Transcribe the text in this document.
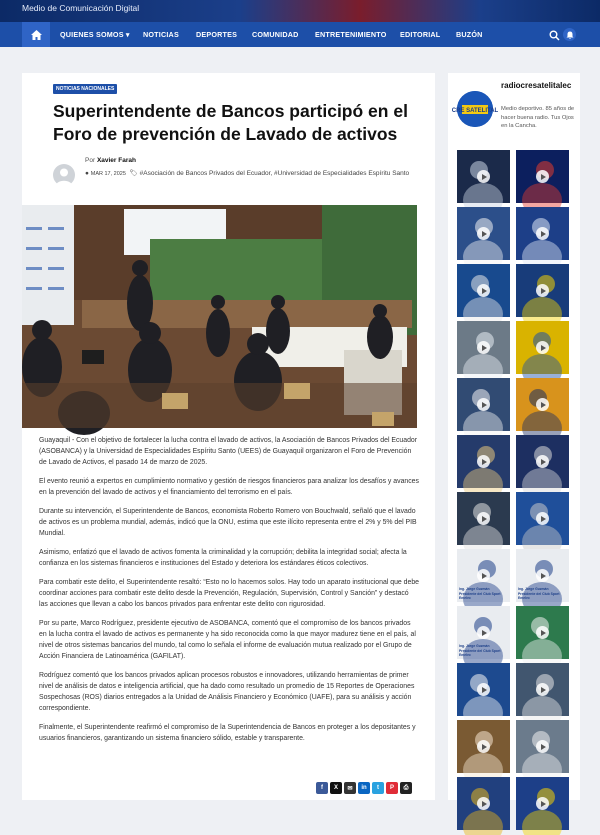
Medio de Comunicación Digital
QUIENES SOMOS ▾ NOTICIAS DEPORTES COMUNIDAD ENTRETENIMIENTO EDITORIAL BUZÓN
NOTICIAS NACIONALES
Superintendente de Bancos participó en el Foro de prevención de Lavado de activos
Por Xavier Farah
● MAR 17, 2025 🏷 #Asociación de Bancos Privados del Ecuador, #Universidad de Especialidades Espíritu Santo

Guayaquil - Con el objetivo de fortalecer la lucha contra el lavado de activos, la Asociación de Bancos Privados del Ecuador (ASOBANCA) y la Universidad de Especialidades Espíritu Santo (UEES) de Guayaquil organizaron el Foro de Prevención de Lavado de Activos, el pasado 14 de marzo de 2025.

El evento reunió a expertos en cumplimiento normativo y gestión de riesgos financieros para analizar los desafíos y avances en la prevención del lavado de activos y el financiamiento del terrorismo en el país.

Durante su intervención, el Superintendente de Bancos, economista Roberto Romero von Bouchwald, señaló que el lavado de activos es un problema mundial, además, indicó que la ONU, estima que este ilícito representa entre el 2% y 5% del PIB Mundial.

Asimismo, enfatizó que el lavado de activos fomenta la criminalidad y la corrupción; debilita la integridad social; afecta la confianza en los sistemas financieros e instituciones del Estado y deteriora los estándares éticos colectivos.

Para combatir este delito, el Superintendente resaltó: “Esto no lo hacemos solos. Hay todo un aparato institucional que debe coordinar acciones para combatir este delito desde la Prevención, Regulación, Supervisión, Control y Sanción” y destacó las acciones que llevan a cabo los bancos privados para enfrentar este delito con rigurosidad.

Por su parte, Marco Rodríguez, presidente ejecutivo de ASOBANCA, comentó que el compromiso de los bancos privados en la lucha contra el lavado de activos es permanente y ha sido reconocida como la que mayor madurez tiene en el país, al nivel de otros sistemas bancarios del mundo, tal como lo señala el informe de evaluación mutua realizado por el Grupo de Acción Financiera de Latinoamérica (GAFILAT).

Rodríguez comentó que los bancos privados aplican procesos robustos e innovadores, utilizando herramientas de primer nivel de análisis de datos e inteligencia artificial, que ha dado como resultado un promedio de 15 Reportes de Operaciones Sospechosas (ROS) diarios entregados a la Unidad de Análisis Financiero y Económico (UAFE), para su análisis y acción correspondiente.

Finalmente, el Superintendente reafirmó el compromiso de la Superintendencia de Bancos en proteger a los depositantes y usuarios financieros, garantizando un sistema financiero sólido, estable y transparente.

f	X	✉	in	t	P	⎙
CRE SATELITAL
radiocresatelitalec
Medio deportivo. 85 años de hacer buena radio. Tus Ojos en la Cancha.
Ing. Jorge Guzmán
Presidente del Club Sport Emelec
Ing. Jorge Guzmán
Presidente del Club Sport Emelec
Ing. Jorge Guzmán
Presidente del Club Sport Emelec
